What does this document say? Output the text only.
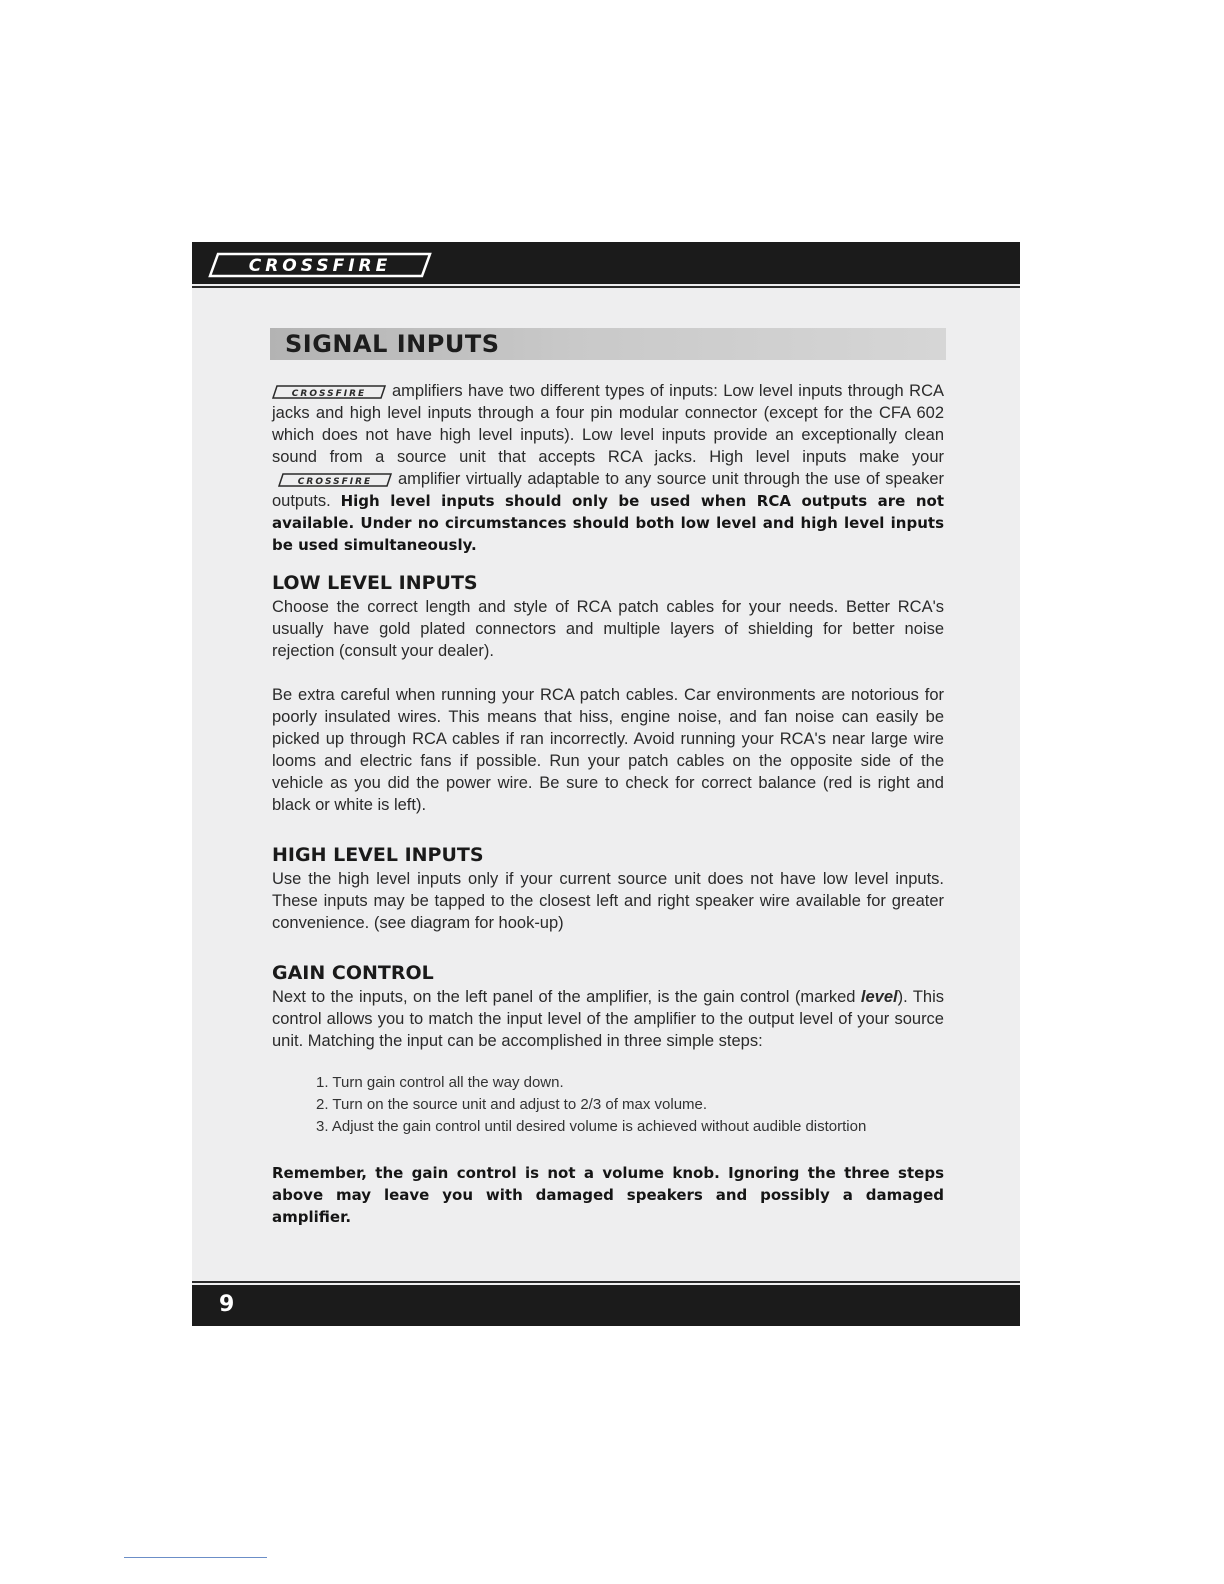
CROSSFIRE
SIGNAL INPUTS

CROSSFIRE amplifiers have two different types of inputs: Low level inputs through RCA jacks and high level inputs through a four pin modular connector (except for the CFA 602 which does not have high level inputs). Low level inputs provide an exceptionally clean sound from a source unit that accepts RCA jacks. High level inputs make your
CROSSFIRE amplifier virtually adaptable to any source unit through the use of speaker outputs. High level inputs should only be used when RCA outputs are not available. Under no circumstances should both low level and high level inputs be used simultaneously.

LOW LEVEL INPUTS

Choose the correct length and style of RCA patch cables for your needs. Better RCA's usually have gold plated connectors and multiple layers of shielding for better noise rejection (consult your dealer).

Be extra careful when running your RCA patch cables. Car environments are notorious for poorly insulated wires. This means that hiss, engine noise, and fan noise can easily be picked up through RCA cables if ran incorrectly. Avoid running your RCA's near large wire looms and electric fans if possible. Run your patch cables on the opposite side of the vehicle as you did the power wire. Be sure to check for correct balance (red is right and black or white is left).

HIGH LEVEL INPUTS

Use the high level inputs only if your current source unit does not have low level inputs. These inputs may be tapped to the closest left and right speaker wire available for greater convenience. (see diagram for hook-up)

GAIN CONTROL

Next to the inputs, on the left panel of the amplifier, is the gain control (marked level). This control allows you to match the input level of the amplifier to the output level of your source unit. Matching the input can be accomplished in three simple steps:

1. Turn gain control all the way down.
2. Turn on the source unit and adjust to 2/3 of max volume.
3. Adjust the gain control until desired volume is achieved without audible distortion

Remember, the gain control is not a volume knob. Ignoring the three steps above may leave you with damaged speakers and possibly a damaged amplifier.

9
